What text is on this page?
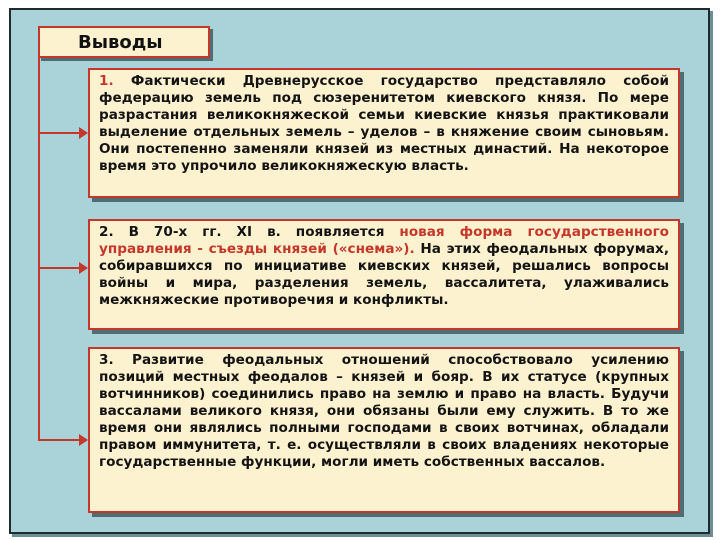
Выводы
1. Фактически Древнерусское государство представляло собой федерацию земель под сюзеренитетом киевского князя. По мере разрастания великокняжеской семьи киевские князья практиковали выделение отдельных земель – уделов – в княжение своим сыновьям. Они постепенно заменяли князей из местных династий. На некоторое время это упрочило великокняжескую власть.
2. В 70-х гг. XI в. появляется новая форма государственного управления - съезды князей («снема»). На этих феодальных форумах, собиравшихся по инициативе киевских князей, решались вопросы войны и мира, разделения земель, вассалитета, улаживались межкняжеские противоречия и конфликты.
3. Развитие феодальных отношений способствовало усилению позиций местных феодалов – князей и бояр. В их статусе (крупных вотчинников) соединились право на землю и право на власть. Будучи вассалами великого князя, они обязаны были ему служить. В то же время они являлись полными господами в своих вотчинах, обладали правом иммунитета, т. е. осуществляли в своих владениях некоторые государственные функции, могли иметь собственных вассалов.
